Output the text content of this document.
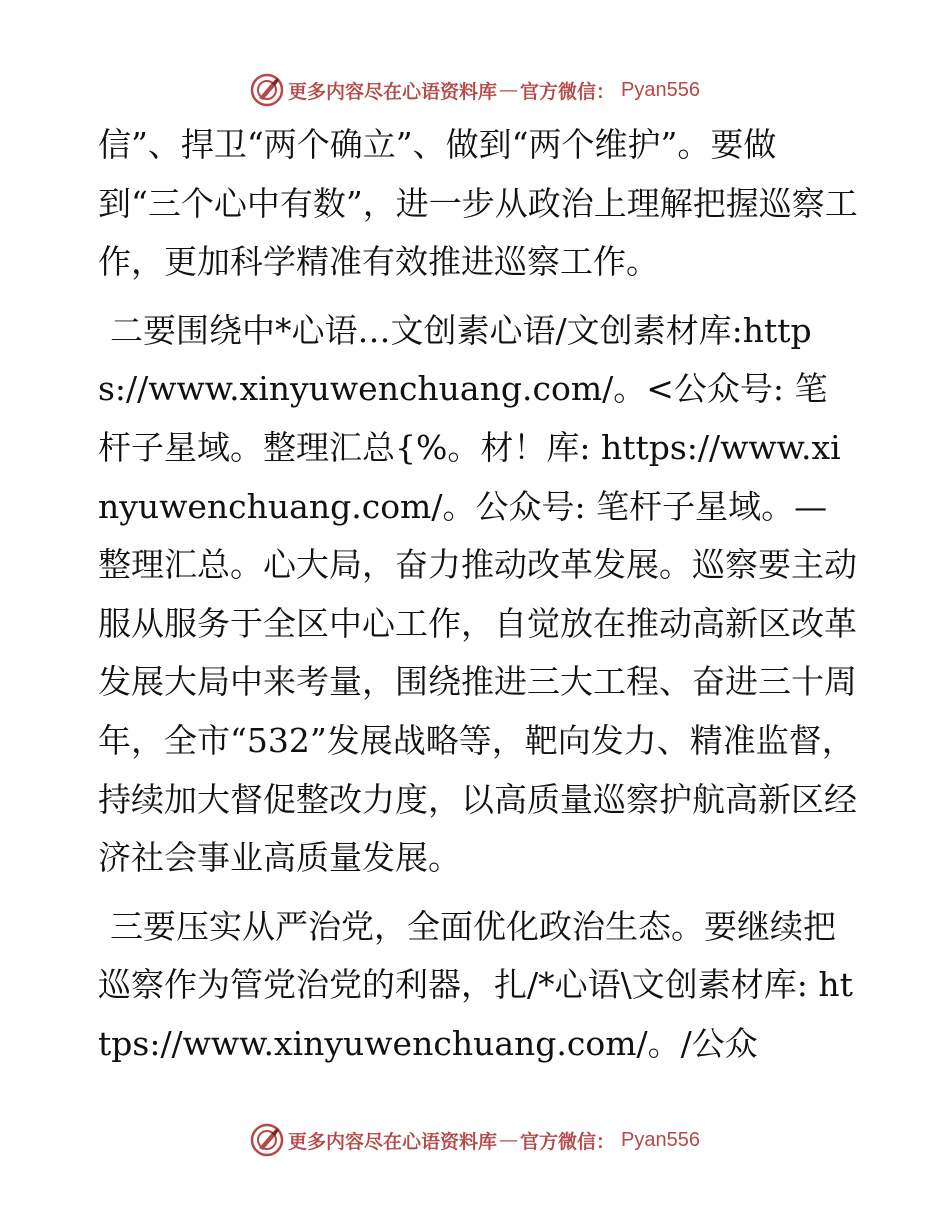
更多内容尽在心语资料库 — 官方微信： Pyan556

信”、捍卫“两个确立”、做到“两个维护”。要做到“三个心中有数”，进一步从政治上理解把握巡察工作，更加科学精准有效推进巡察工作。

二要围绕中*心语…文创素心语/文创素材库:https://www.xinyuwenchuang.com/。<公众号: 笔杆子星域。整理汇总{%。材！库: https://www.xinyuwenchuang.com/。公众号: 笔杆子星域。—整理汇总。心大局，奋力推动改革发展。巡察要主动服从服务于全区中心工作，自觉放在推动高新区改革发展大局中来考量，围绕推进三大工程、奋进三十周年，全市“532”发展战略等，靶向发力、精准监督，持续加大督促整改力度，以高质量巡察护航高新区经济社会事业高质量发展。

三要压实从严治党，全面优化政治生态。要继续把巡察作为管党治党的利器，扎/*心语\文创素材库: https://www.xinyuwenchuang.com/。/公众

更多内容尽在心语资料库 — 官方微信： Pyan556
